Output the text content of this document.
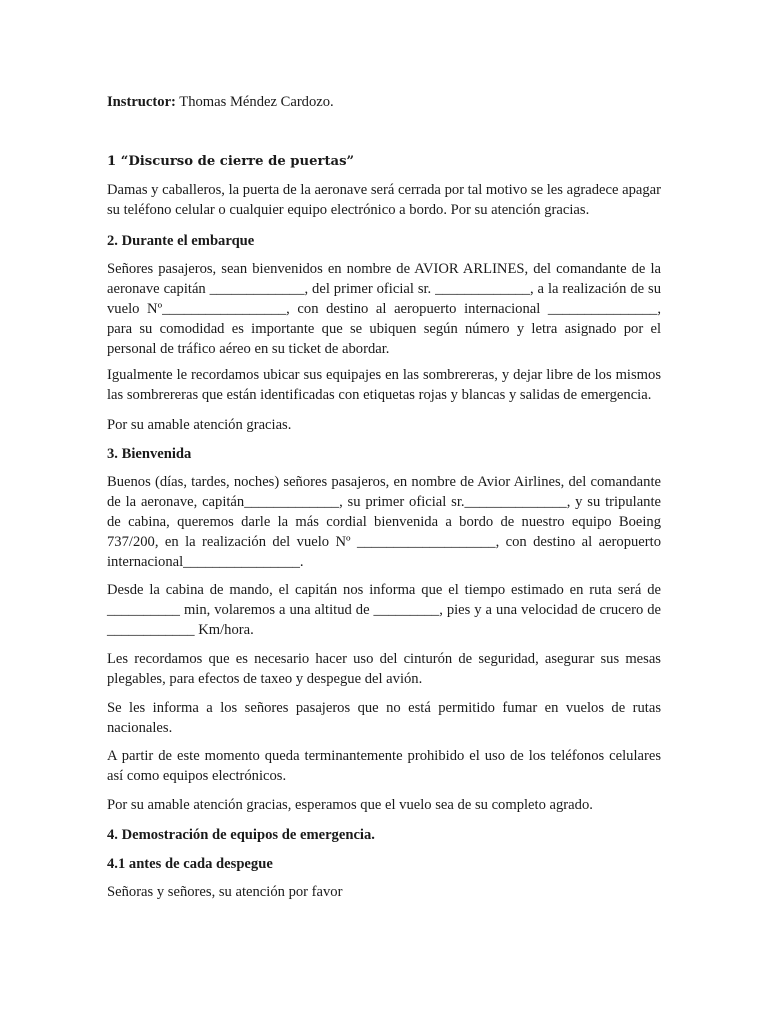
Instructor: Thomas Méndez Cardozo.

1 “Discurso de cierre de puertas”

Damas y caballeros, la puerta de la aeronave será cerrada por tal motivo se les agradece apagar su teléfono celular o cualquier equipo electrónico a bordo. Por su atención gracias.

2. Durante el embarque

Señores pasajeros, sean bienvenidos en nombre de AVIOR ARLINES, del comandante de la aeronave capitán _____________, del primer oficial sr. _____________, a la realización de su vuelo Nº_________________, con destino al aeropuerto internacional _______________, para su comodidad es importante que se ubiquen según número y letra asignado por el personal de tráfico aéreo en su ticket de abordar.

Igualmente le recordamos ubicar sus equipajes en las sombrereras, y dejar libre de los mismos las sombrereras que están identificadas con etiquetas rojas y blancas y salidas de emergencia.

Por su amable atención gracias.

3. Bienvenida

Buenos (días, tardes, noches) señores pasajeros, en nombre de Avior Airlines, del comandante de la aeronave, capitán_____________, su primer oficial sr.______________, y su tripulante de cabina, queremos darle la más cordial bienvenida a bordo de nuestro equipo Boeing 737/200, en la realización del vuelo Nº ___________________, con destino al aeropuerto internacional________________.

Desde la cabina de mando, el capitán nos informa que el tiempo estimado en ruta será de __________ min, volaremos a una altitud de _________, pies y a una velocidad de crucero de ____________ Km/hora.

Les recordamos que es necesario hacer uso del cinturón de seguridad, asegurar sus mesas plegables, para efectos de taxeo y despegue del avión.

Se les informa a los señores pasajeros que no está permitido fumar en vuelos de rutas nacionales.

A partir de este momento queda terminantemente prohibido el uso de los teléfonos celulares así como equipos electrónicos.

Por su amable atención gracias, esperamos que el vuelo sea de su completo agrado.

4. Demostración de equipos de emergencia.

4.1 antes de cada despegue

Señoras y señores, su atención por favor
